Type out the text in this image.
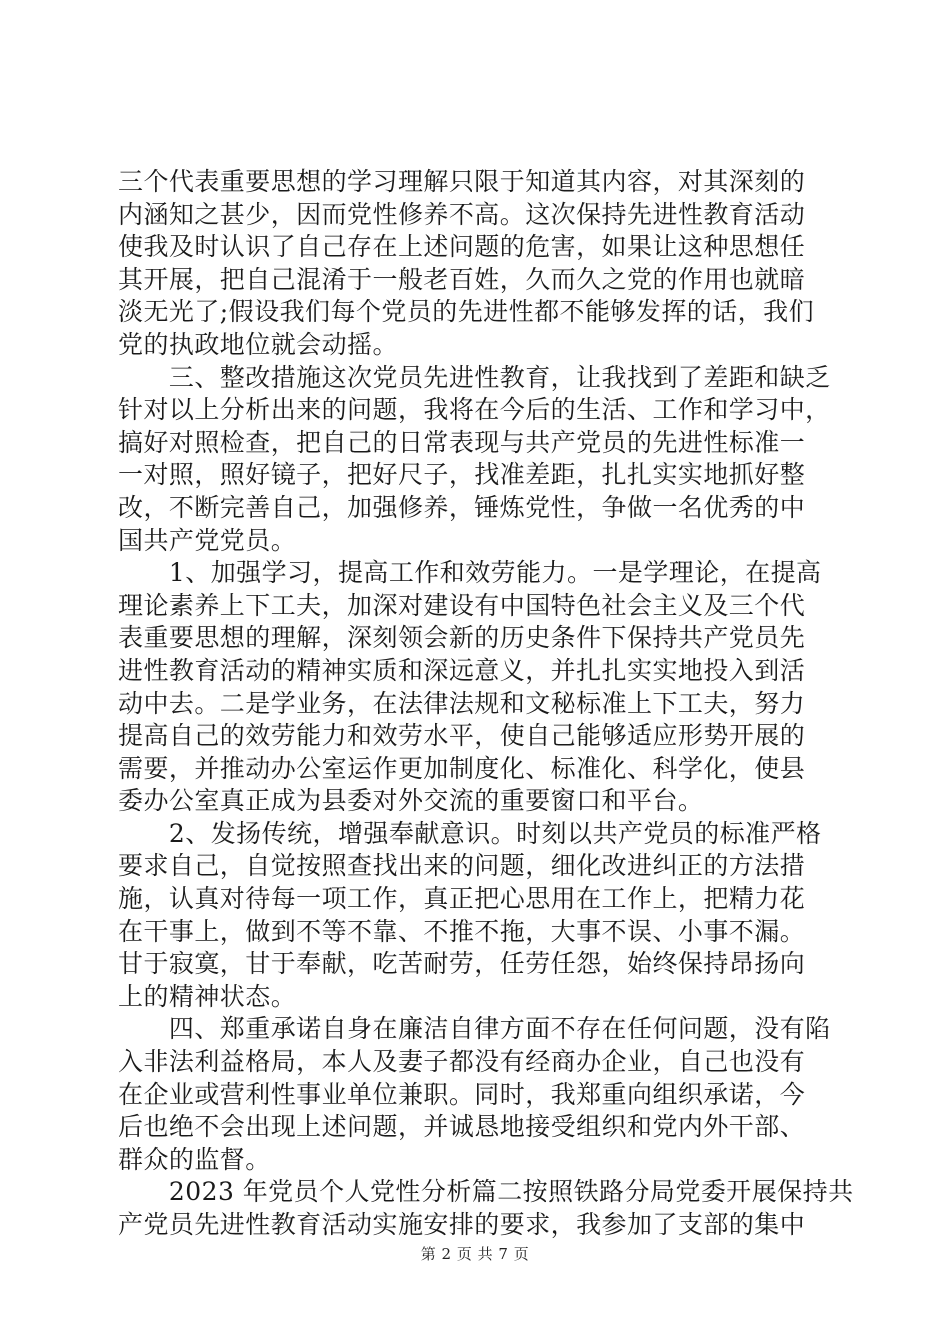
三个代表重要思想的学习理解只限于知道其内容，对其深刻的
内涵知之甚少，因而党性修养不高。这次保持先进性教育活动
使我及时认识了自己存在上述问题的危害，如果让这种思想任
其开展，把自己混淆于一般老百姓，久而久之党的作用也就暗
淡无光了;假设我们每个党员的先进性都不能够发挥的话，我们
党的执政地位就会动摇。
　　三、整改措施这次党员先进性教育，让我找到了差距和缺乏
针对以上分析出来的问题，我将在今后的生活、工作和学习中，
搞好对照检查，把自己的日常表现与共产党员的先进性标准一
一对照，照好镜子，把好尺子，找准差距，扎扎实实地抓好整
改，不断完善自己，加强修养，锤炼党性，争做一名优秀的中
国共产党党员。
　　1、加强学习，提高工作和效劳能力。一是学理论，在提高
理论素养上下工夫，加深对建设有中国特色社会主义及三个代
表重要思想的理解，深刻领会新的历史条件下保持共产党员先
进性教育活动的精神实质和深远意义，并扎扎实实地投入到活
动中去。二是学业务，在法律法规和文秘标准上下工夫，努力
提高自己的效劳能力和效劳水平，使自己能够适应形势开展的
需要，并推动办公室运作更加制度化、标准化、科学化，使县
委办公室真正成为县委对外交流的重要窗口和平台。
　　2、发扬传统，增强奉献意识。时刻以共产党员的标准严格
要求自己，自觉按照查找出来的问题，细化改进纠正的方法措
施，认真对待每一项工作，真正把心思用在工作上，把精力花
在干事上，做到不等不靠、不推不拖，大事不误、小事不漏。
甘于寂寞，甘于奉献，吃苦耐劳，任劳任怨，始终保持昂扬向
上的精神状态。
　　四、郑重承诺自身在廉洁自律方面不存在任何问题，没有陷
入非法利益格局，本人及妻子都没有经商办企业，自己也没有
在企业或营利性事业单位兼职。同时，我郑重向组织承诺，今
后也绝不会出现上述问题，并诚恳地接受组织和党内外干部、
群众的监督。
　　2023 年党员个人党性分析篇二按照铁路分局党委开展保持共
产党员先进性教育活动实施安排的要求，我参加了支部的集中
第 2 页 共 7 页
